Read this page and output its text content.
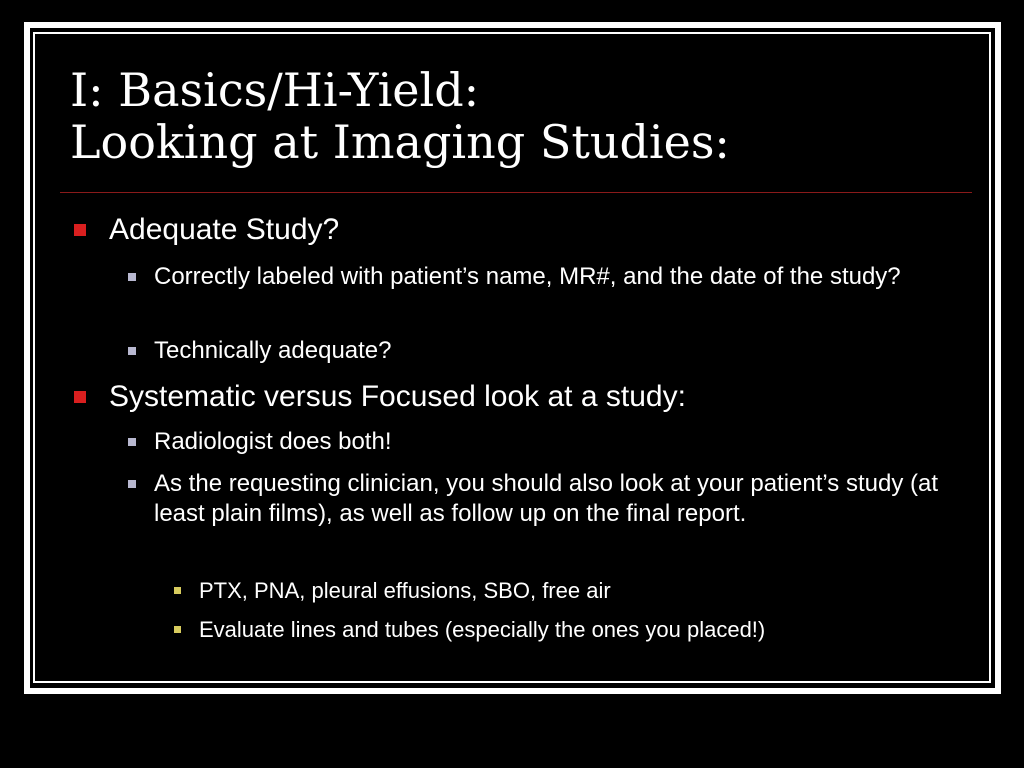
I: Basics/Hi-Yield:
Looking at Imaging Studies:
Adequate Study?
Correctly labeled with patient’s name, MR#, and the date of the study?
Technically adequate?
Systematic versus Focused look at a study:
Radiologist does both!
As the requesting clinician, you should also look at your patient’s study (at least plain films), as well as follow up on the final report.
PTX, PNA, pleural effusions, SBO, free air
Evaluate lines and tubes (especially the ones you placed!)
